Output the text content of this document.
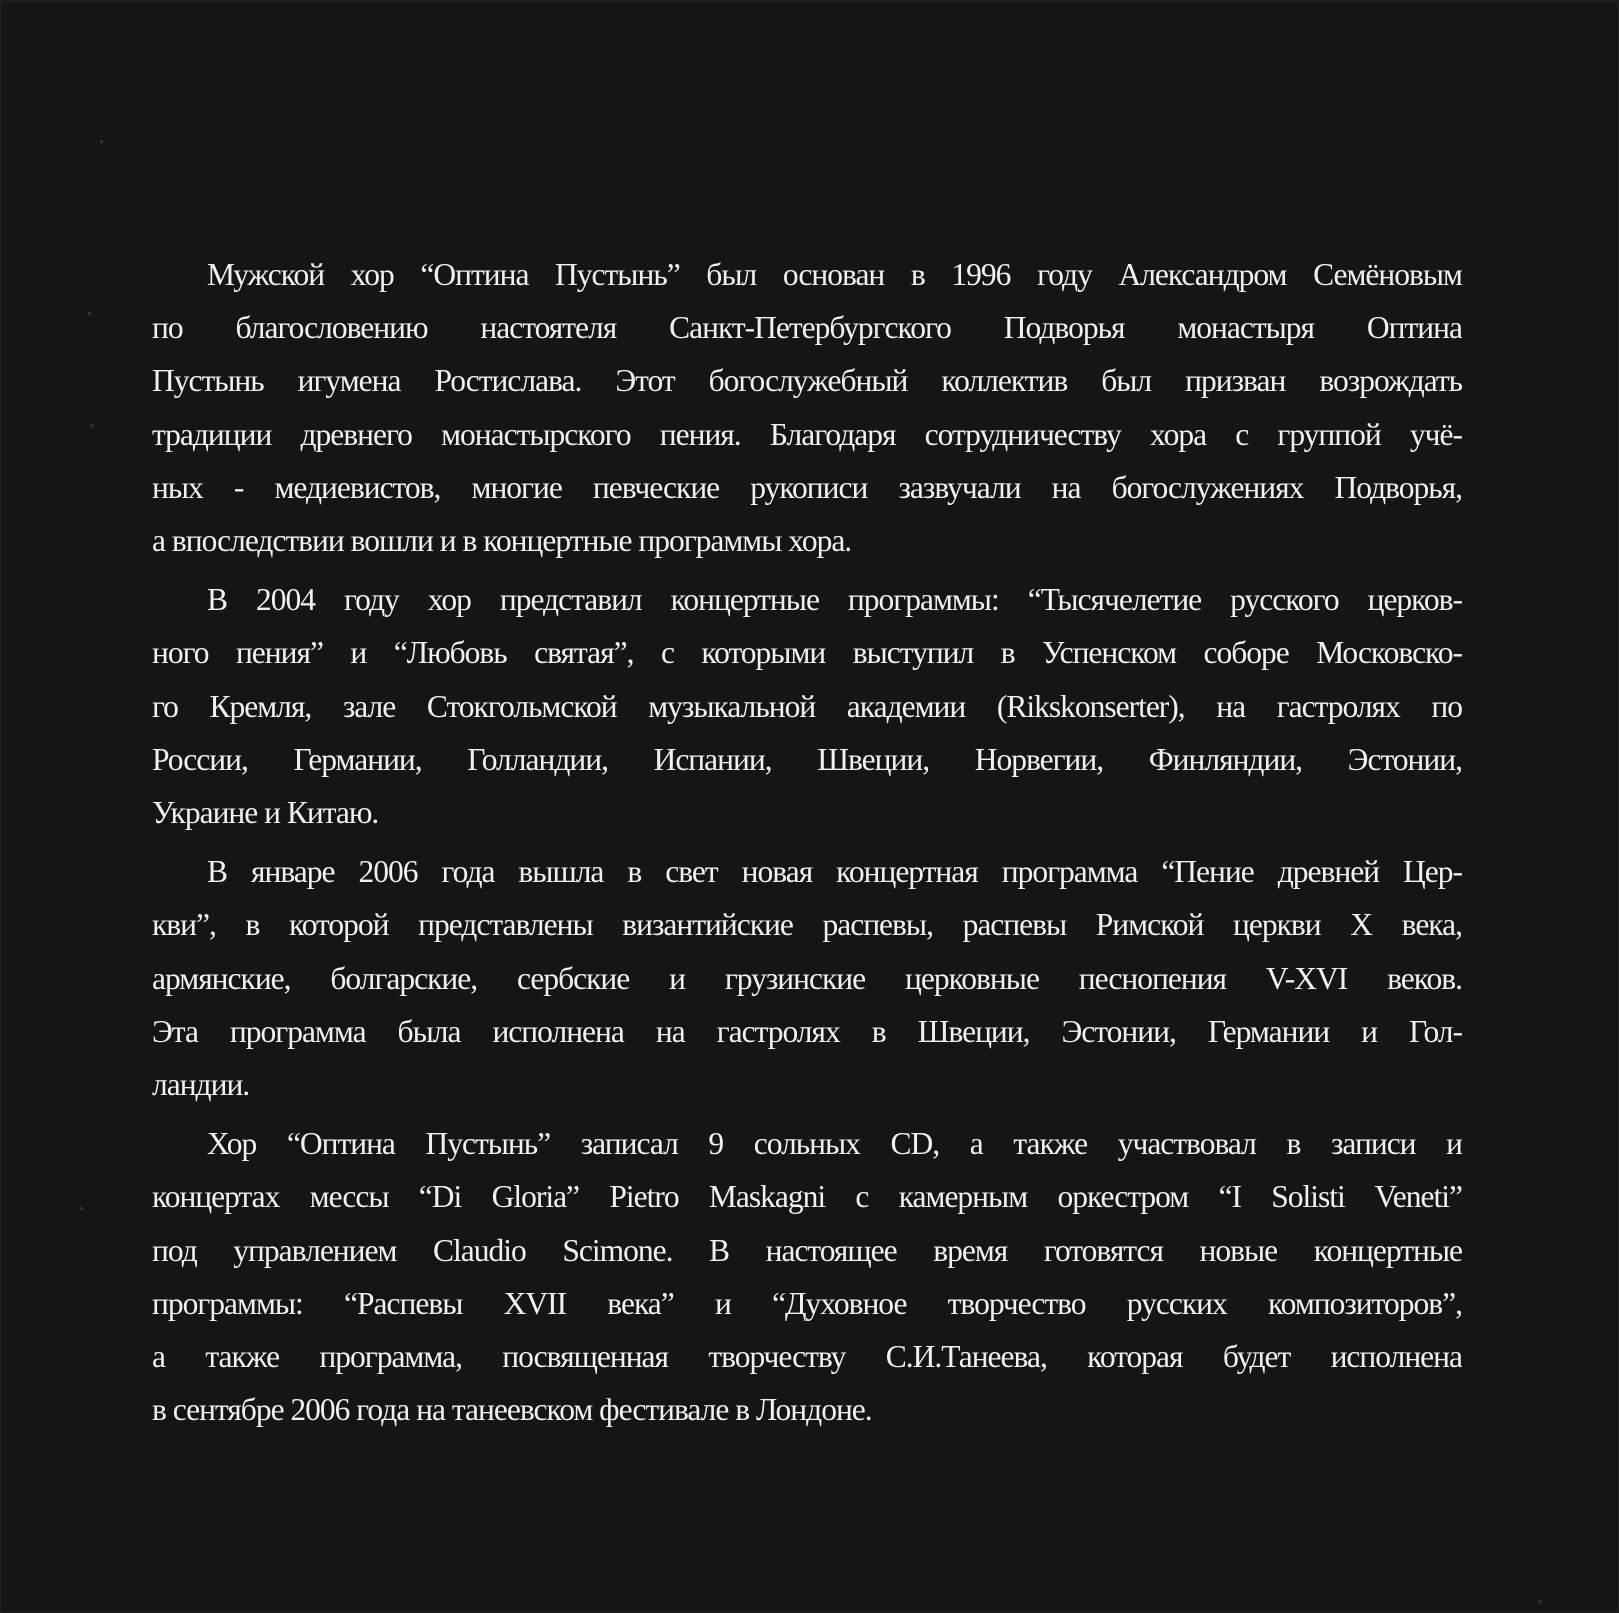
Мужской хор “Оптина Пустынь” был основан в 1996 году Александром Семёновым
по благословению настоятеля Санкт-Петербургского Подворья монастыря Оптина
Пустынь игумена Ростислава. Этот богослужебный коллектив был призван возрождать
традиции древнего монастырского пения. Благодаря сотрудничеству хора с группой учё-
ных - медиевистов, многие певческие рукописи зазвучали на богослужениях Подворья,
а впоследствии вошли и в концертные программы хора.
В 2004 году хор представил концертные программы: “Тысячелетие русского церков-
ного пения” и “Любовь святая”, с которыми выступил в Успенском соборе Московско-
го Кремля, зале Стокгольмской музыкальной академии (Rikskonserter), на гастролях по
России, Германии, Голландии, Испании, Швеции, Норвегии, Финляндии, Эстонии,
Украине и Китаю.
В январе 2006 года вышла в свет новая концертная программа “Пение древней Цер-
кви”, в которой представлены византийские распевы, распевы Римской церкви X века,
армянские, болгарские, сербские и грузинские церковные песнопения V-XVI веков.
Эта программа была исполнена на гастролях в Швеции, Эстонии, Германии и Гол-
ландии.
Хор “Оптина Пустынь” записал 9 сольных CD, а также участвовал в записи и
концертах мессы “Di Gloria” Pietro Maskagni с камерным оркестром “I Solisti Veneti”
под управлением Claudio Scimone. В настоящее время готовятся новые концертные
программы: “Распевы XVII века” и “Духовное творчество русских композиторов”,
а также программа, посвященная творчеству С.И.Танеева, которая будет исполнена
в сентябре 2006 года на танеевском фестивале в Лондоне.
